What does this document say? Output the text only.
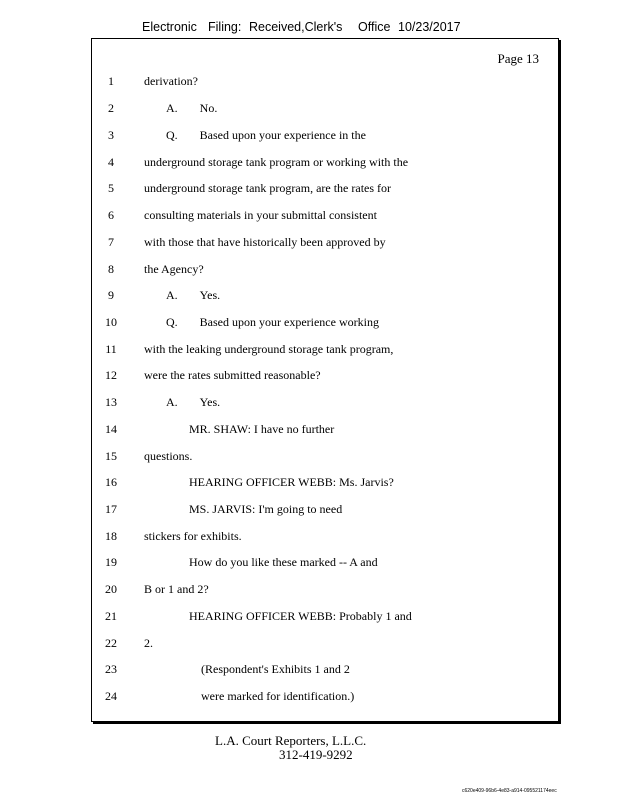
Electronic Filing: Received,Clerk's Office 10/23/2017
Page 13
1	derivation?
2	A. No.
3	Q. Based upon your experience in the
4	underground storage tank program or working with the
5	underground storage tank program, are the rates for
6	consulting materials in your submittal consistent
7	with those that have historically been approved by
8	the Agency?
9	A. Yes.
10	Q. Based upon your experience working
11	with the leaking underground storage tank program,
12	were the rates submitted reasonable?
13	A. Yes.
14	MR. SHAW: I have no further
15	questions.
16	HEARING OFFICER WEBB: Ms. Jarvis?
17	MS. JARVIS: I'm going to need
18	stickers for exhibits.
19	How do you like these marked -- A and
20	B or 1 and 2?
21	HEARING OFFICER WEBB: Probably 1 and
22	2.
23	(Respondent's Exhibits 1 and 2
24	were marked for identification.)
L.A. Court Reporters, L.L.C.
312-419-9292
c620e409-96b6-4e83-a914-095521174eec
